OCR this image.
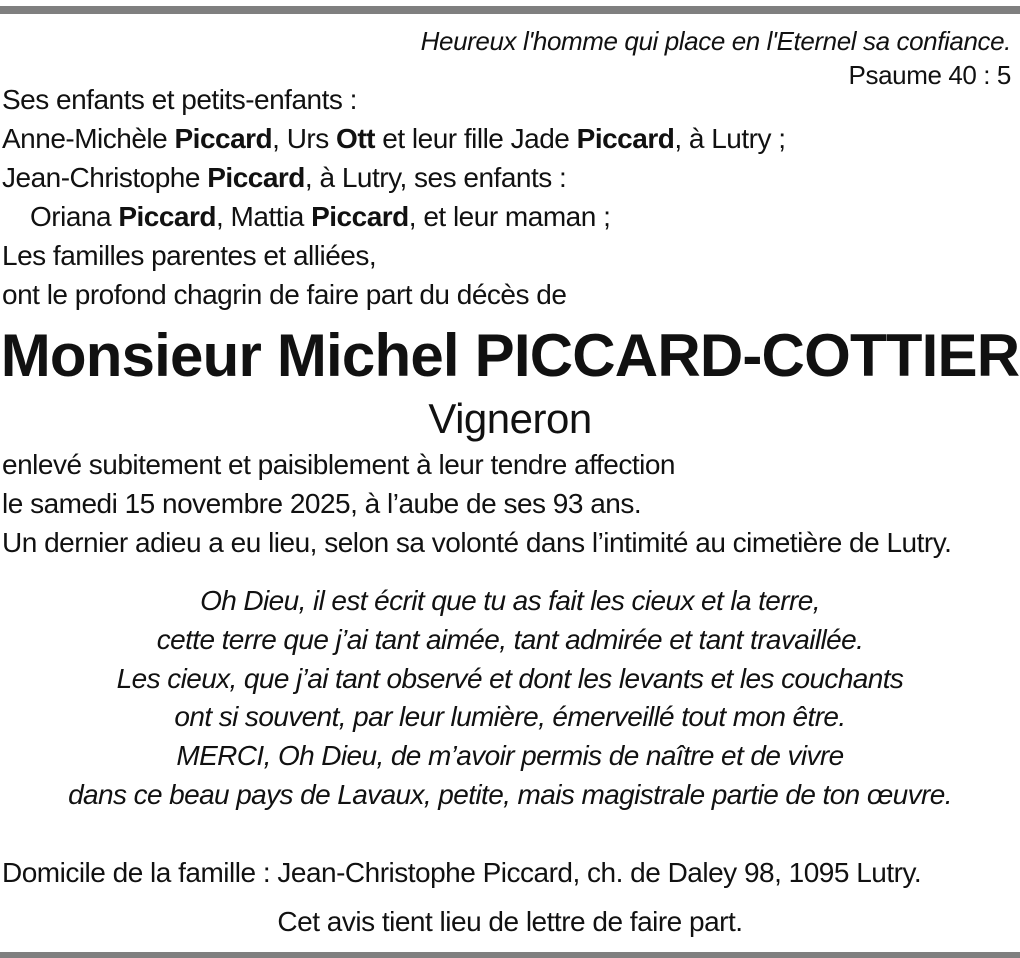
Heureux l'homme qui place en l'Eternel sa confiance.
Psaume 40 : 5
Ses enfants et petits-enfants :
Anne-Michèle Piccard, Urs Ott et leur fille Jade Piccard, à Lutry ;
Jean-Christophe Piccard, à Lutry, ses enfants :
Oriana Piccard, Mattia Piccard, et leur maman ;
Les familles parentes et alliées,
ont le profond chagrin de faire part du décès de
Monsieur Michel PICCARD-COTTIER
Vigneron
enlevé subitement et paisiblement à leur tendre affection
le samedi 15 novembre 2025, à l’aube de ses 93 ans.
Un dernier adieu a eu lieu, selon sa volonté dans l’intimité au cimetière de Lutry.
Oh Dieu, il est écrit que tu as fait les cieux et la terre,
cette terre que j’ai tant aimée, tant admirée et tant travaillée.
Les cieux, que j’ai tant observé et dont les levants et les couchants
ont si souvent, par leur lumière, émerveillé tout mon être.
MERCI, Oh Dieu, de m’avoir permis de naître et de vivre
dans ce beau pays de Lavaux, petite, mais magistrale partie de ton œuvre.
Domicile de la famille : Jean-Christophe Piccard, ch. de Daley 98, 1095 Lutry.
Cet avis tient lieu de lettre de faire part.
